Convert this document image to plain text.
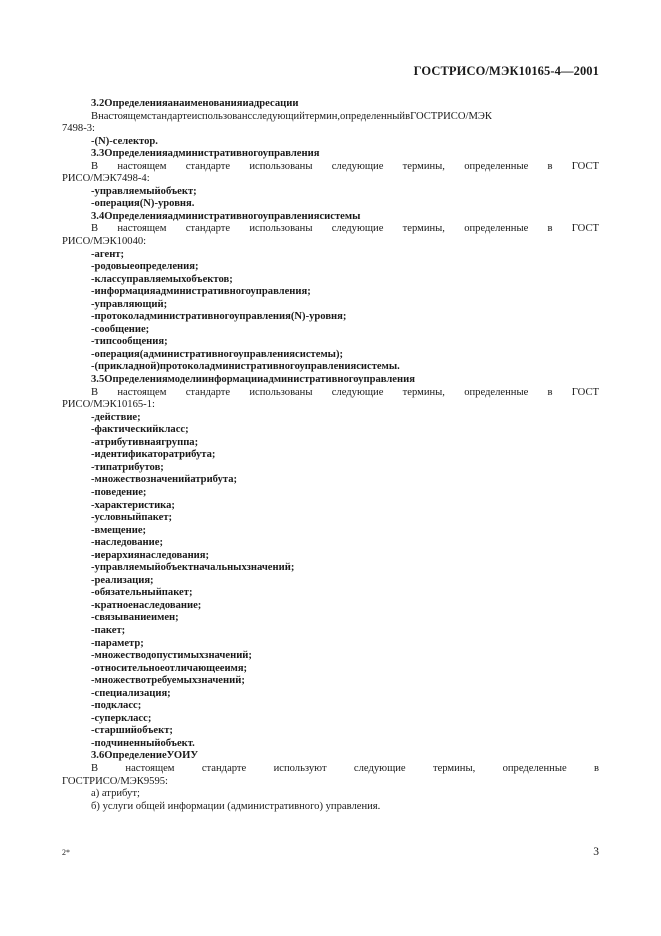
ГОСТРИСО/МЭК10165-4—2001
3.2Определенияанаименованияиадресации
Внастоящемстандартеиспользовансследующийтермин,определенныйвГОСТРИСО/МЭК
7498-3:
-(N)-селектор.
3.3Определенияадминистративногоуправления
В настоящем стандарте использованы следующие термины, определенные в ГОСТ
РИСО/МЭК7498-4:
-управляемыйобъект;
-операция(N)-уровня.
3.4Определенияадминистративногоуправлениясистемы
В настоящем стандарте использованы следующие термины, определенные в ГОСТ
РИСО/МЭК10040:
-агент;
-родовыеопределения;
-классуправляемыхобъектов;
-информацияадминистративногоуправления;
-управляющий;
-протоколадминистративногоуправления(N)-уровня;
-сообщение;
-типсообщения;
-операция(административногоуправлениясистемы);
-(прикладной)протоколадминистративногоуправлениясистемы.
3.5Определениямоделиинформацииадминистративногоуправления
В настоящем стандарте использованы следующие термины, определенные в ГОСТ
РИСО/МЭК10165-1:
-действие;
-фактическийкласс;
-атрибутивнаягруппа;
-идентификаторатрибута;
-типатрибутов;
-множествозначенийатрибута;
-поведение;
-характеристика;
-условныйпакет;
-вмещение;
-наследование;
-иерархиянаследования;
-управляемыйобъектначальныхзначений;
-реализация;
-обязательныйпакет;
-кратноенаследование;
-связываниеимен;
-пакет;
-параметр;
-множестводопустимыхзначений;
-относительноеотличающееимя;
-множествотребуемыхзначений;
-специализация;
-подкласс;
-суперкласс;
-старшийобъект;
-подчиненныйобъект.
3.6ОпределениеУОИУ
В настоящем стандарте используют следующие термины, определенные в
ГОСТРИСО/МЭК9595:
а) атрибут;
б) услуги общей информации (административного) управления.
2*	3
